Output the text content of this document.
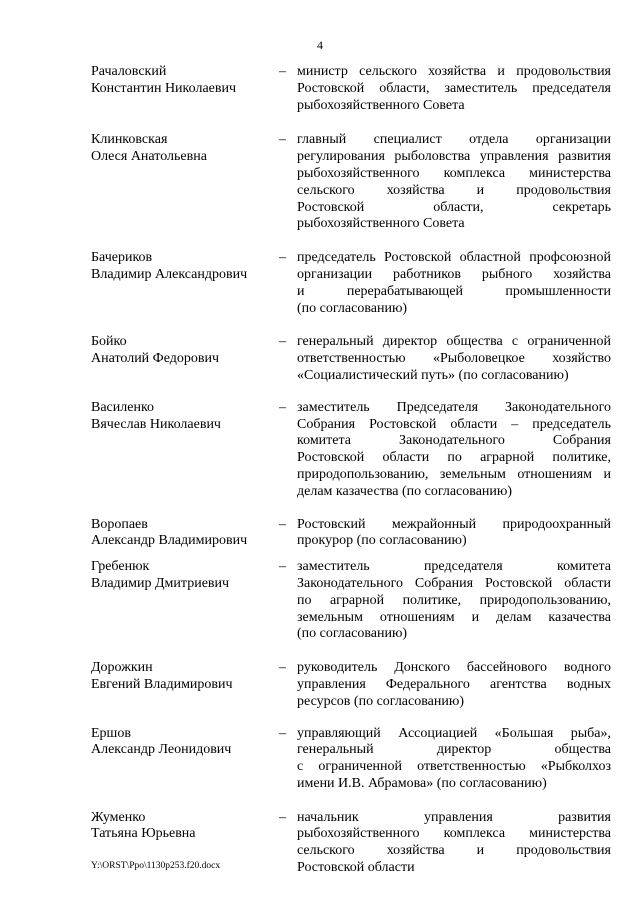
4
Рачаловский
Константин Николаевич
– министр сельского хозяйства и продовольствия
Ростовской области, заместитель председателя
рыбохозяйственного Совета
Клинковская
Олеся Анатольевна
– главный специалист отдела организации
регулирования рыболовства управления развития
рыбохозяйственного комплекса министерства
сельского хозяйства и продовольствия
Ростовской области, секретарь
рыбохозяйственного Совета
Бачериков
Владимир Александрович
– председатель Ростовской областной профсоюзной
организации работников рыбного хозяйства
и перерабатывающей промышленности
(по согласованию)
Бойко
Анатолий Федорович
– генеральный директор общества с ограниченной
ответственностью «Рыболовецкое хозяйство
«Социалистический путь» (по согласованию)
Василенко
Вячеслав Николаевич
– заместитель Председателя Законодательного
Собрания Ростовской области – председатель
комитета Законодательного Собрания
Ростовской области по аграрной политике,
природопользованию, земельным отношениям и
делам казачества (по согласованию)
Воропаев
Александр Владимирович
– Ростовский межрайонный природоохранный
прокурор (по согласованию)
Гребенюк
Владимир Дмитриевич
– заместитель председателя комитета
Законодательного Собрания Ростовской области
по аграрной политике, природопользованию,
земельным отношениям и делам казачества
(по согласованию)
Дорожкин
Евгений Владимирович
– руководитель Донского бассейнового водного
управления Федерального агентства водных
ресурсов (по согласованию)
Ершов
Александр Леонидович
– управляющий Ассоциацией «Большая рыба»,
генеральный директор общества
с ограниченной ответственностью «Рыбколхоз
имени И.В. Абрамова» (по согласованию)
Жуменко
Татьяна Юрьевна
– начальник управления развития
рыбохозяйственного комплекса министерства
сельского хозяйства и продовольствия
Ростовской области
Y:\ORST\Ppo\1130p253.f20.docx
